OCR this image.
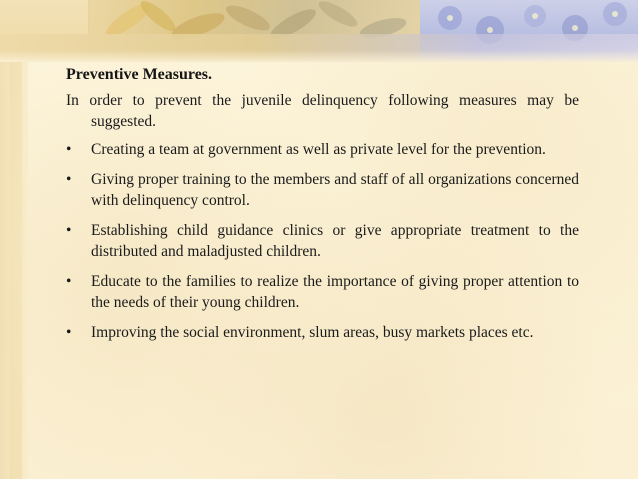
Preventive Measures.
In order to prevent the juvenile delinquency following measures may be suggested.
•	Creating a team at government as well as private level for the prevention.
•	Giving proper training to the members and staff of all organizations concerned with delinquency control.
•	Establishing child guidance clinics or give appropriate treatment to the distributed and maladjusted children.
•	Educate to the families to realize the importance of giving proper attention to the needs of their young children.
•	Improving the social environment, slum areas, busy markets places etc.
